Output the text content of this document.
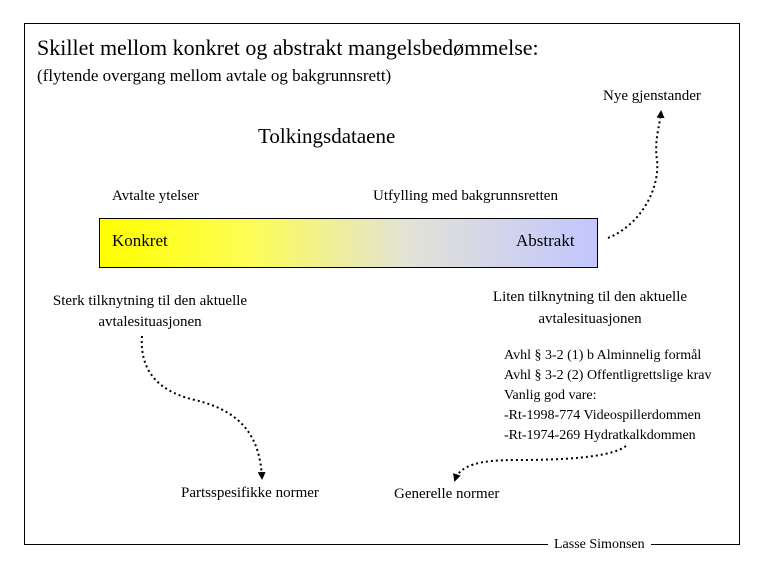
Skillet mellom konkret og abstrakt mangelsbedømmelse:
(flytende overgang mellom avtale og bakgrunnsrett)
Nye gjenstander
Tolkingsdataene
Avtalte ytelser	Utfylling med bakgrunnsretten
Konkret	Abstrakt
Sterk tilknytning til den aktuelle avtalesituasjonen
Liten tilknytning til den aktuelle avtalesituasjonen
Avhl § 3-2 (1) b Alminnelig formål
Avhl § 3-2 (2) Offentligrettslige krav
Vanlig god vare:
-Rt-1998-774 Videospillerdommen
-Rt-1974-269 Hydratkalkdommen
Partsspesifikke normer	Generelle normer
Lasse Simonsen
